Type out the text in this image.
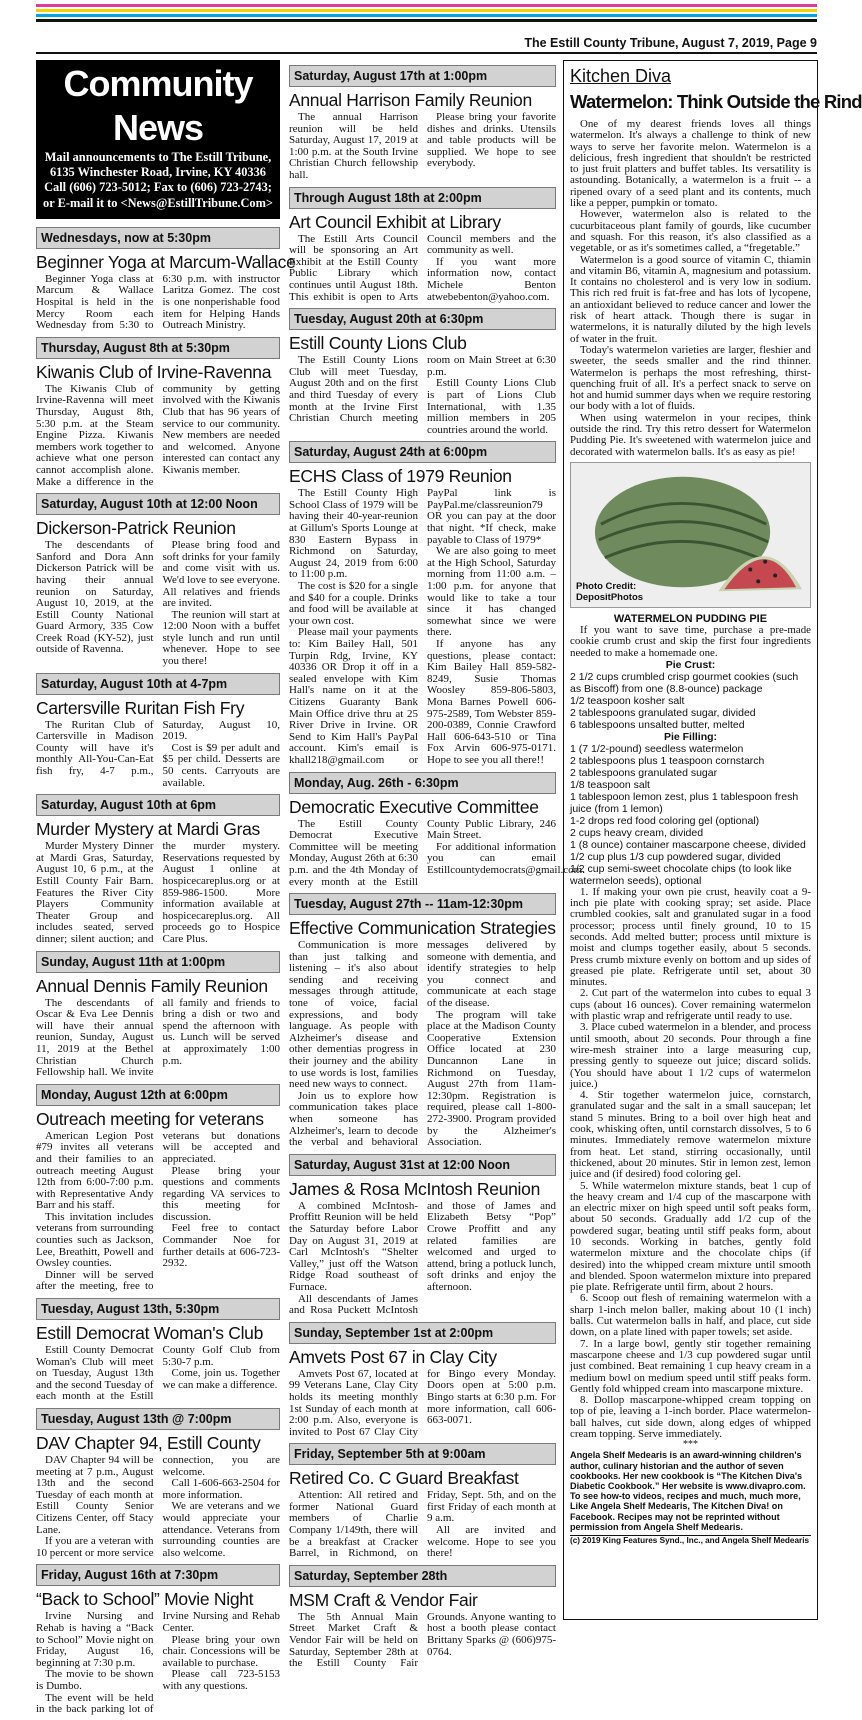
The Estill County Tribune, August 7, 2019, Page 9
Community News

Mail announcements to The Estill Tribune,

6135 Winchester Road, Irvine, KY 40336

Call (606) 723-5012; Fax to (606) 723-2743;

or E-mail it to <News@EstillTribune.Com>

Wednesdays, now at 5:30pm
Beginner Yoga at Marcum-Wallace

Beginner Yoga class at Marcum & Wallace Hospital is held in the Mercy Room each Wednesday from 5:30 to 6:30 p.m. with instructor Laritza Gomez. The cost is one nonperishable food item for Helping Hands Outreach Ministry.

Thursday, August 8th at 5:30pm
Kiwanis Club of Irvine-Ravenna

The Kiwanis Club of Irvine-Ravenna will meet Thursday, August 8th, 5:30 p.m. at the Steam Engine Pizza. Kiwanis members work together to achieve what one person cannot accomplish alone. Make a difference in the community by getting involved with the Kiwanis Club that has 96 years of service to our community. New members are needed and welcomed. Anyone interested can contact any Kiwanis member.

Saturday, August 10th at 12:00 Noon
Dickerson-Patrick Reunion

The descendants of Sanford and Dora Ann Dickerson Patrick will be having their annual reunion on Saturday, August 10, 2019, at the Estill County National Guard Armory, 335 Cow Creek Road (KY-52), just outside of Ravenna.

Please bring food and soft drinks for your family and come visit with us. We'd love to see everyone. All relatives and friends are invited.

The reunion will start at 12:00 Noon with a buffet style lunch and run until whenever. Hope to see you there!

Saturday, August 10th at 4-7pm
Cartersville Ruritan Fish Fry

The Ruritan Club of Cartersville in Madison County will have it's monthly All-You-Can-Eat fish fry, 4-7 p.m., Saturday, August 10, 2019.

Cost is $9 per adult and $5 per child. Desserts are 50 cents. Carryouts are available.

Saturday, August 10th at 6pm
Murder Mystery at Mardi Gras

Murder Mystery Dinner at Mardi Gras, Saturday, August 10, 6 p.m., at the Estill County Fair Barn. Features the River City Players Community Theater Group and includes seated, served dinner; silent auction; and the murder mystery. Reservations requested by August 1 online at hospicecareplus.org or at 859-986-1500. More information available at hospicecareplus.org. All proceeds go to Hospice Care Plus.

Sunday, August 11th at 1:00pm
Annual Dennis Family Reunion

The descendants of Oscar & Eva Lee Dennis will have their annual reunion, Sunday, August 11, 2019 at the Bethel Christian Church Fellowship hall. We invite all family and friends to bring a dish or two and spend the afternoon with us. Lunch will be served at approximately 1:00 p.m.

Monday, August 12th at 6:00pm
Outreach meeting for veterans

American Legion Post #79 invites all veterans and their families to an outreach meeting August 12th from 6:00-7:00 p.m. with Representative Andy Barr and his staff.

This invitation includes veterans from surrounding counties such as Jackson, Lee, Breathitt, Powell and Owsley counties.

Dinner will be served after the meeting, free to veterans but donations will be accepted and appreciated.

Please bring your questions and comments regarding VA services to this meeting for discussion.

Feel free to contact Commander Noe for further details at 606-723-2932.

Tuesday, August 13th, 5:30pm
Estill Democrat Woman's Club

Estill County Democrat Woman's Club will meet on Tuesday, August 13th and the second Tuesday of each month at the Estill County Golf Club from 5:30-7 p.m.

Come, join us. Together we can make a difference.

Tuesday, August 13th @ 7:00pm
DAV Chapter 94, Estill County

DAV Chapter 94 will be meeting at 7 p.m., August 13th and the second Tuesday of each month at Estill County Senior Citizens Center, off Stacy Lane.

If you are a veteran with 10 percent or more service connection, you are welcome.

Call 1-606-663-2504 for more information.

We are veterans and we would appreciate your attendance. Veterans from surrounding counties are also welcome.

Friday, August 16th at 7:30pm
“Back to School” Movie Night

Irvine Nursing and Rehab is having a “Back to School” Movie night on Friday, August 16, beginning at 7:30 p.m.

The movie to be shown is Dumbo.

The event will be held in the back parking lot of Irvine Nursing and Rehab Center.

Please bring your own chair. Concessions will be available to purchase.

Please call 723-5153 with any questions.

Saturday, August 17th at 1:00pm
Annual Harrison Family Reunion

The annual Harrison reunion will be held Saturday, August 17, 2019 at 1:00 p.m. at the South Irvine Christian Church fellowship hall.

Please bring your favorite dishes and drinks. Utensils and table products will be supplied. We hope to see everybody.

Through August 18th at 2:00pm
Art Council Exhibit at Library

The Estill Arts Council will be sponsoring an Art Exhibit at the Estill County Public Library which continues until August 18th. This exhibit is open to Arts Council members and the community as well.

If you want more information now, contact Michele Benton atwebebenton@yahoo.com.

Tuesday, August 20th at 6:30pm
Estill County Lions Club

The Estill County Lions Club will meet Tuesday, August 20th and on the first and third Tuesday of every month at the Irvine First Christian Church meeting room on Main Street at 6:30 p.m.

Estill County Lions Club is part of Lions Club International, with 1.35 million members in 205 countries around the world.

Saturday, August 24th at 6:00pm
ECHS Class of 1979 Reunion

The Estill County High School Class of 1979 will be having their 40-year-reunion at Gillum's Sports Lounge at 830 Eastern Bypass in Richmond on Saturday, August 24, 2019 from 6:00 to 11:00 p.m.

The cost is $20 for a single and $40 for a couple. Drinks and food will be available at your own cost.

Please mail your payments to: Kim Bailey Hall, 501 Turpin Rdg, Irvine, KY 40336 OR Drop it off in a sealed envelope with Kim Hall's name on it at the Citizens Guaranty Bank Main Office drive thru at 25 River Drive in Irvine. OR Send to Kim Hall's PayPal account. Kim's email is khall218@gmail.com or PayPal link is PayPal.me/classreunion79 OR you can pay at the door that night. *If check, make payable to Class of 1979*

We are also going to meet at the High School, Saturday morning from 11:00 a.m. – 1:00 p.m. for anyone that would like to take a tour since it has changed somewhat since we were there.

If anyone has any questions, please contact: Kim Bailey Hall 859-582-8249, Susie Thomas Woosley 859-806-5803, Mona Barnes Powell 606-975-2589, Tom Webster 859-200-0389, Connie Crawford Hall 606-643-510 or Tina Fox Arvin 606-975-0171. Hope to see you all there!!

Monday, Aug. 26th - 6:30pm
Democratic Executive Committee

The Estill County Democrat Executive Committee will be meeting Monday, August 26th at 6:30 p.m. and the 4th Monday of every month at the Estill County Public Library, 246 Main Street.

For additional information you can email Estillcountydemocrats@gmail.com.

Tuesday, August 27th -- 11am-12:30pm
Effective Communication Strategies

Communication is more than just talking and listening – it's also about sending and receiving messages through attitude, tone of voice, facial expressions, and body language. As people with Alzheimer's disease and other dementias progress in their journey and the ability to use words is lost, families need new ways to connect.

Join us to explore how communication takes place when someone has Alzheimer's, learn to decode the verbal and behavioral messages delivered by someone with dementia, and identify strategies to help you connect and communicate at each stage of the disease.

The program will take place at the Madison County Cooperative Extension Office located at 230 Duncannon Lane in Richmond on Tuesday, August 27th from 11am-12:30pm. Registration is required, please call 1-800-272-3900. Program provided by the Alzheimer's Association.

Saturday, August 31st at 12:00 Noon
James & Rosa McIntosh Reunion

A combined McIntosh-Proffitt Reunion will be held the Saturday before Labor Day on August 31, 2019 at Carl McIntosh's “Shelter Valley,” just off the Watson Ridge Road southeast of Furnace.

All descendants of James and Rosa Puckett McIntosh and those of James and Elizabeth Betsy “Pop” Crowe Proffitt and any related families are welcomed and urged to attend, bring a potluck lunch, soft drinks and enjoy the afternoon.

Sunday, September 1st at 2:00pm
Amvets Post 67 in Clay City

Amvets Post 67, located at 99 Veterans Lane, Clay City holds its meeting monthly 1st Sunday of each month at 2:00 p.m. Also, everyone is invited to Post 67 Clay City for Bingo every Monday. Doors open at 5:00 p.m. Bingo starts at 6:30 p.m. For more information, call 606-663-0071.

Friday, September 5th at 9:00am
Retired Co. C Guard Breakfast

Attention: All retired and former National Guard members of Charlie Company 1/149th, there will be a breakfast at Cracker Barrel, in Richmond, on Friday, Sept. 5th, and on the first Friday of each month at 9 a.m.

All are invited and welcome. Hope to see you there!

Saturday, September 28th
MSM Craft & Vendor Fair

The 5th Annual Main Street Market Craft & Vendor Fair will be held on Saturday, September 28th at the Estill County Fair Grounds. Anyone wanting to host a booth please contact Brittany Sparks @ (606)975-0764.

Kitchen Diva
Watermelon: Think Outside the Rind

One of my dearest friends loves all things watermelon. It's always a challenge to think of new ways to serve her favorite melon. Watermelon is a delicious, fresh ingredient that shouldn't be restricted to just fruit platters and buffet tables. Its versatility is astounding. Botanically, a watermelon is a fruit -- a ripened ovary of a seed plant and its contents, much like a pepper, pumpkin or tomato.

However, watermelon also is related to the cucurbitaceous plant family of gourds, like cucumber and squash. For this reason, it's also classified as a vegetable, or as it's sometimes called, a “fregetable.”

Watermelon is a good source of vitamin C, thiamin and vitamin B6, vitamin A, magnesium and potassium. It contains no cholesterol and is very low in sodium. This rich red fruit is fat-free and has lots of lycopene, an antioxidant believed to reduce cancer and lower the risk of heart attack. Though there is sugar in watermelons, it is naturally diluted by the high levels of water in the fruit.

Today's watermelon varieties are larger, fleshier and sweeter, the seeds smaller and the rind thinner. Watermelon is perhaps the most refreshing, thirst-quenching fruit of all. It's a perfect snack to serve on hot and humid summer days when we require restoring our body with a lot of fluids.

When using watermelon in your recipes, think outside the rind. Try this retro dessert for Watermelon Pudding Pie. It's sweetened with watermelon juice and decorated with watermelon balls. It's as easy as pie!

Photo Credit:
DepositPhotos
WATERMELON PUDDING PIE

If you want to save time, purchase a pre-made cookie crumb crust and skip the first four ingredients needed to make a homemade one.

Pie Crust:
2 1/2 cups crumbled crisp gourmet cookies (such as Biscoff) from one (8.8-ounce) package
1/2 teaspoon kosher salt
2 tablespoons granulated sugar, divided
6 tablespoons unsalted butter, melted
Pie Filling:
1 (7 1/2-pound) seedless watermelon
2 tablespoons plus 1 teaspoon cornstarch
2 tablespoons granulated sugar
1/8 teaspoon salt
1 tablespoon lemon zest, plus 1 tablespoon fresh juice (from 1 lemon)
1-2 drops red food coloring gel (optional)
2 cups heavy cream, divided
1 (8 ounce) container mascarpone cheese, divided
1/2 cup plus 1/3 cup powdered sugar, divided
1/2 cup semi-sweet chocolate chips (to look like watermelon seeds), optional

1. If making your own pie crust, heavily coat a 9-inch pie plate with cooking spray; set aside. Place crumbled cookies, salt and granulated sugar in a food processor; process until finely ground, 10 to 15 seconds. Add melted butter; process until mixture is moist and clumps together easily, about 5 seconds. Press crumb mixture evenly on bottom and up sides of greased pie plate. Refrigerate until set, about 30 minutes.

2. Cut part of the watermelon into cubes to equal 3 cups (about 16 ounces). Cover remaining watermelon with plastic wrap and refrigerate until ready to use.

3. Place cubed watermelon in a blender, and process until smooth, about 20 seconds. Pour through a fine wire-mesh strainer into a large measuring cup, pressing gently to squeeze out juice; discard solids. (You should have about 1 1/2 cups of watermelon juice.)

4. Stir together watermelon juice, cornstarch, granulated sugar and the salt in a small saucepan; let stand 5 minutes. Bring to a boil over high heat and cook, whisking often, until cornstarch dissolves, 5 to 6 minutes. Immediately remove watermelon mixture from heat. Let stand, stirring occasionally, until thickened, about 20 minutes. Stir in lemon zest, lemon juice and (if desired) food coloring gel.

5. While watermelon mixture stands, beat 1 cup of the heavy cream and 1/4 cup of the mascarpone with an electric mixer on high speed until soft peaks form, about 50 seconds. Gradually add 1/2 cup of the powdered sugar, beating until stiff peaks form, about 10 seconds. Working in batches, gently fold watermelon mixture and the chocolate chips (if desired) into the whipped cream mixture until smooth and blended. Spoon watermelon mixture into prepared pie plate. Refrigerate until firm, about 2 hours.

6. Scoop out flesh of remaining watermelon with a sharp 1-inch melon baller, making about 10 (1 inch) balls. Cut watermelon balls in half, and place, cut side down, on a plate lined with paper towels; set aside.

7. In a large bowl, gently stir together remaining mascarpone cheese and 1/3 cup powdered sugar until just combined. Beat remaining 1 cup heavy cream in a medium bowl on medium speed until stiff peaks form. Gently fold whipped cream into mascarpone mixture.

8. Dollop mascarpone-whipped cream topping on top of pie, leaving a 1-inch border. Place watermelon-ball halves, cut side down, along edges of whipped cream topping. Serve immediately.

***
Angela Shelf Medearis is an award-winning children's author, culinary historian and the author of seven cookbooks. Her new cookbook is “The Kitchen Diva's Diabetic Cookbook.” Her website is www.divapro.com. To see how-to videos, recipes and much, much more, Like Angela Shelf Medearis, The Kitchen Diva! on Facebook. Recipes may not be reprinted without permission from Angela Shelf Medearis.
(c) 2019 King Features Synd., Inc., and Angela Shelf Medearis
